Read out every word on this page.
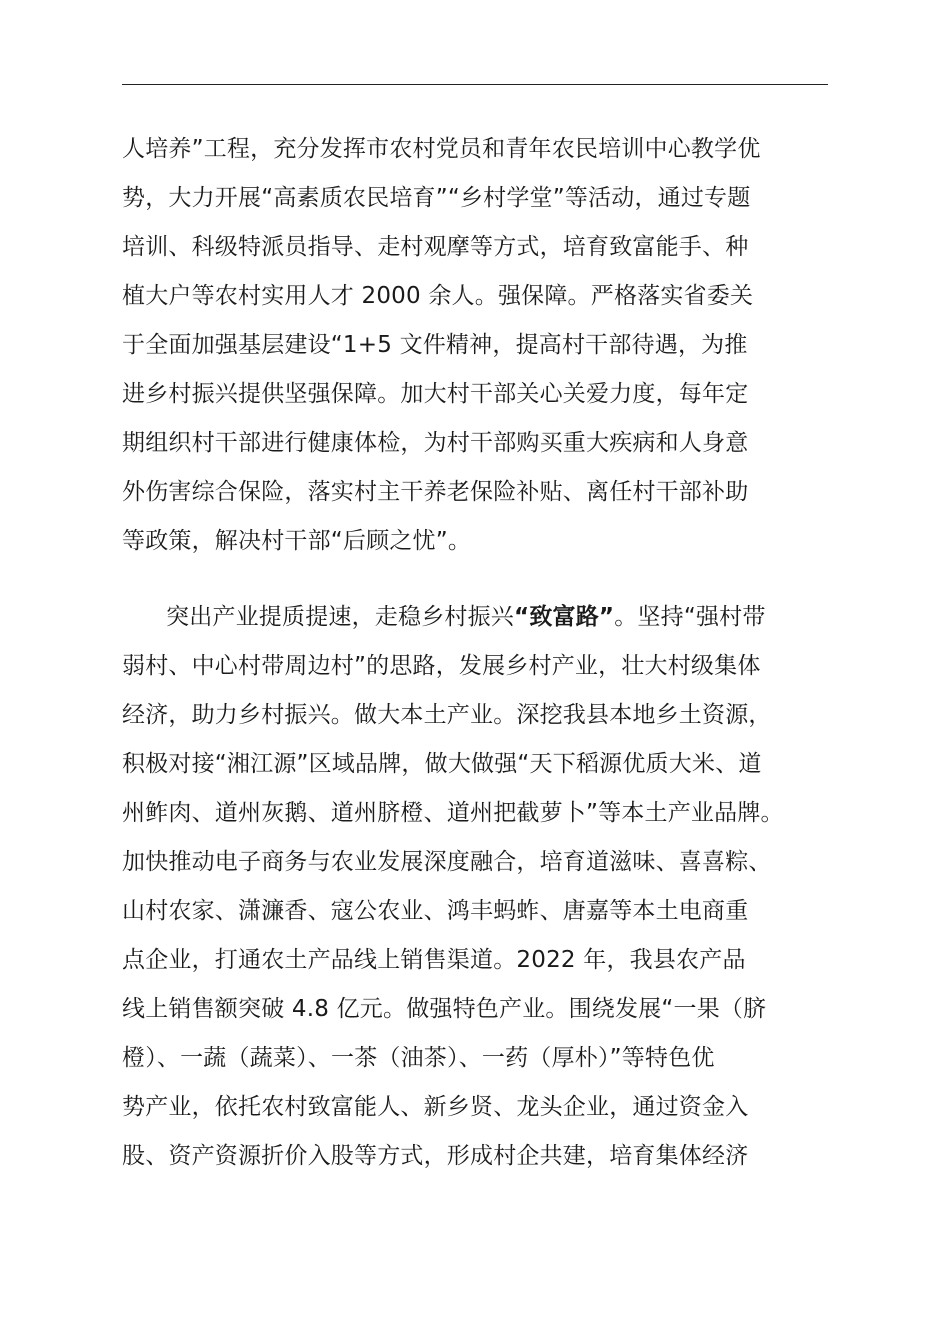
人培养”工程，充分发挥市农村党员和青年农民培训中心教学优
势，大力开展“高素质农民培育”“乡村学堂”等活动，通过专题
培训、科级特派员指导、走村观摩等方式，培育致富能手、种
植大户等农村实用人才 2000 余人。强保障。严格落实省委关
于全面加强基层建设“1+5 文件精神，提高村干部待遇，为推
进乡村振兴提供坚强保障。加大村干部关心关爱力度，每年定
期组织村干部进行健康体检，为村干部购买重大疾病和人身意
外伤害综合保险，落实村主干养老保险补贴、离任村干部补助
等政策，解决村干部“后顾之忧”。
突出产业提质提速，走稳乡村振兴“致富路”。坚持“强村带
弱村、中心村带周边村”的思路，发展乡村产业，壮大村级集体
经济，助力乡村振兴。做大本土产业。深挖我县本地乡土资源，
积极对接“湘江源”区域品牌，做大做强“天下稻源优质大米、道
州鲊肉、道州灰鹅、道州脐橙、道州把截萝卜”等本土产业品牌。
加快推动电子商务与农业发展深度融合，培育道滋味、喜喜粽、
山村农家、潇濂香、寇公农业、鸿丰蚂蚱、唐嘉等本土电商重
点企业，打通农土产品线上销售渠道。2022 年，我县农产品
线上销售额突破 4.8 亿元。做强特色产业。围绕发展“一果（脐
橙）、一蔬（蔬菜）、一茶（油茶）、一药（厚朴）”等特色优
势产业，依托农村致富能人、新乡贤、龙头企业，通过资金入
股、资产资源折价入股等方式，形成村企共建，培育集体经济
